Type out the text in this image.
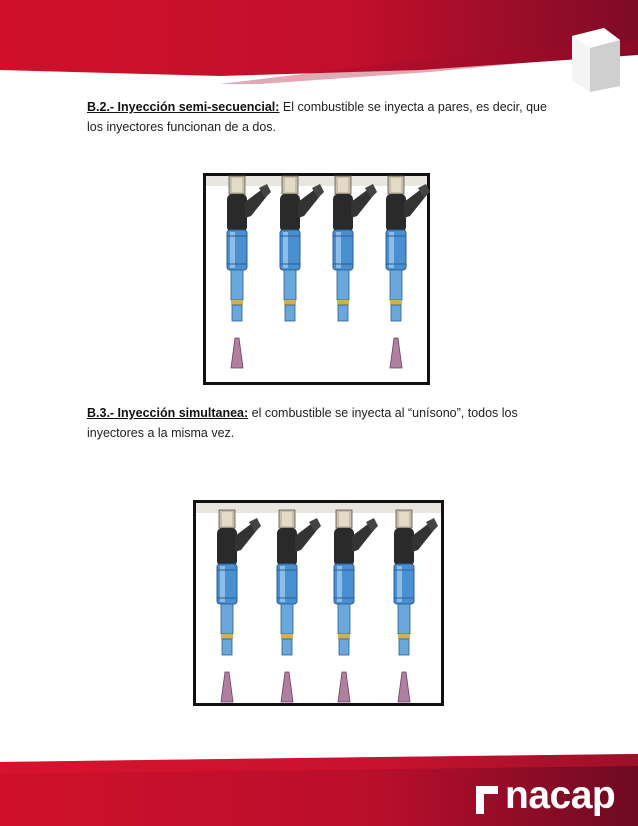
B.2.- Inyección semi-secuencial: El combustible se inyecta a pares, es decir, que los inyectores funcionan de a dos.
B.3.- Inyección simultanea: el combustible se inyecta al “unísono”, todos los inyectores a la misma vez.
nacap
